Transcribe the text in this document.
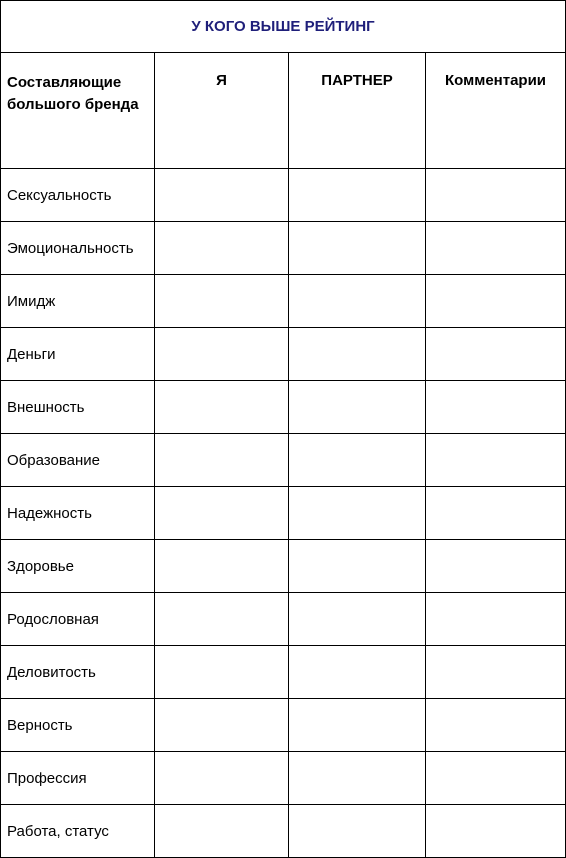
У КОГО ВЫШЕ РЕЙТИНГ			
Составляющие большого бренда	Я	ПАРТНЕР	Комментарии
Сексуальность			
Эмоциональность			
Имидж			
Деньги			
Внешность			
Образование			
Надежность			
Здоровье			
Родословная			
Деловитость			
Верность			
Профессия			
Работа, статус			
